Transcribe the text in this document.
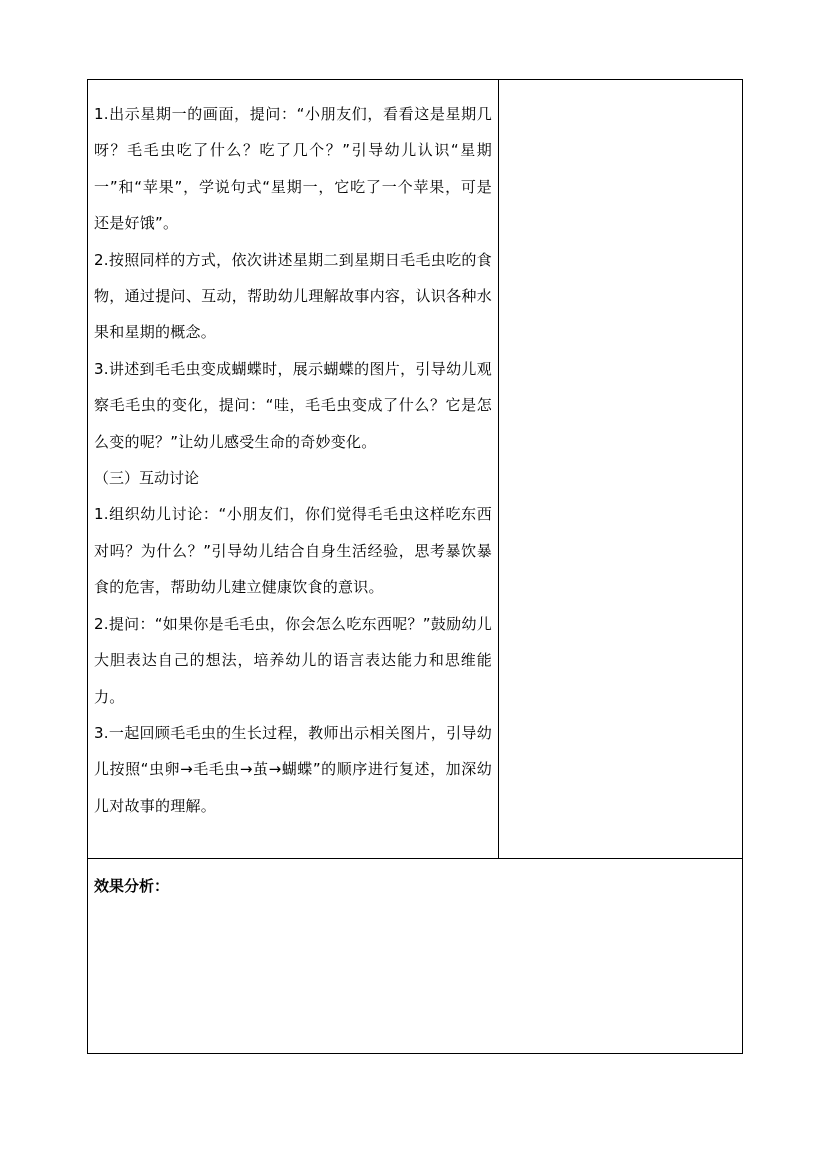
1.出示星期一的画面，提问：“小朋友们，看看这是星期几呀？毛毛虫吃了什么？吃了几个？”引导幼儿认识“星期一”和“苹果”，学说句式“星期一，它吃了一个苹果，可是还是好饿”。

2.按照同样的方式，依次讲述星期二到星期日毛毛虫吃的食物，通过提问、互动，帮助幼儿理解故事内容，认识各种水果和星期的概念。

3.讲述到毛毛虫变成蝴蝶时，展示蝴蝶的图片，引导幼儿观察毛毛虫的变化，提问：“哇，毛毛虫变成了什么？它是怎么变的呢？”让幼儿感受生命的奇妙变化。

（三）互动讨论

1.组织幼儿讨论：“小朋友们，你们觉得毛毛虫这样吃东西对吗？为什么？”引导幼儿结合自身生活经验，思考暴饮暴食的危害，帮助幼儿建立健康饮食的意识。

2.提问：“如果你是毛毛虫，你会怎么吃东西呢？”鼓励幼儿大胆表达自己的想法，培养幼儿的语言表达能力和思维能力。

3.一起回顾毛毛虫的生长过程，教师出示相关图片，引导幼儿按照“虫卵→毛毛虫→茧→蝴蝶”的顺序进行复述，加深幼儿对故事的理解。

效果分析：
